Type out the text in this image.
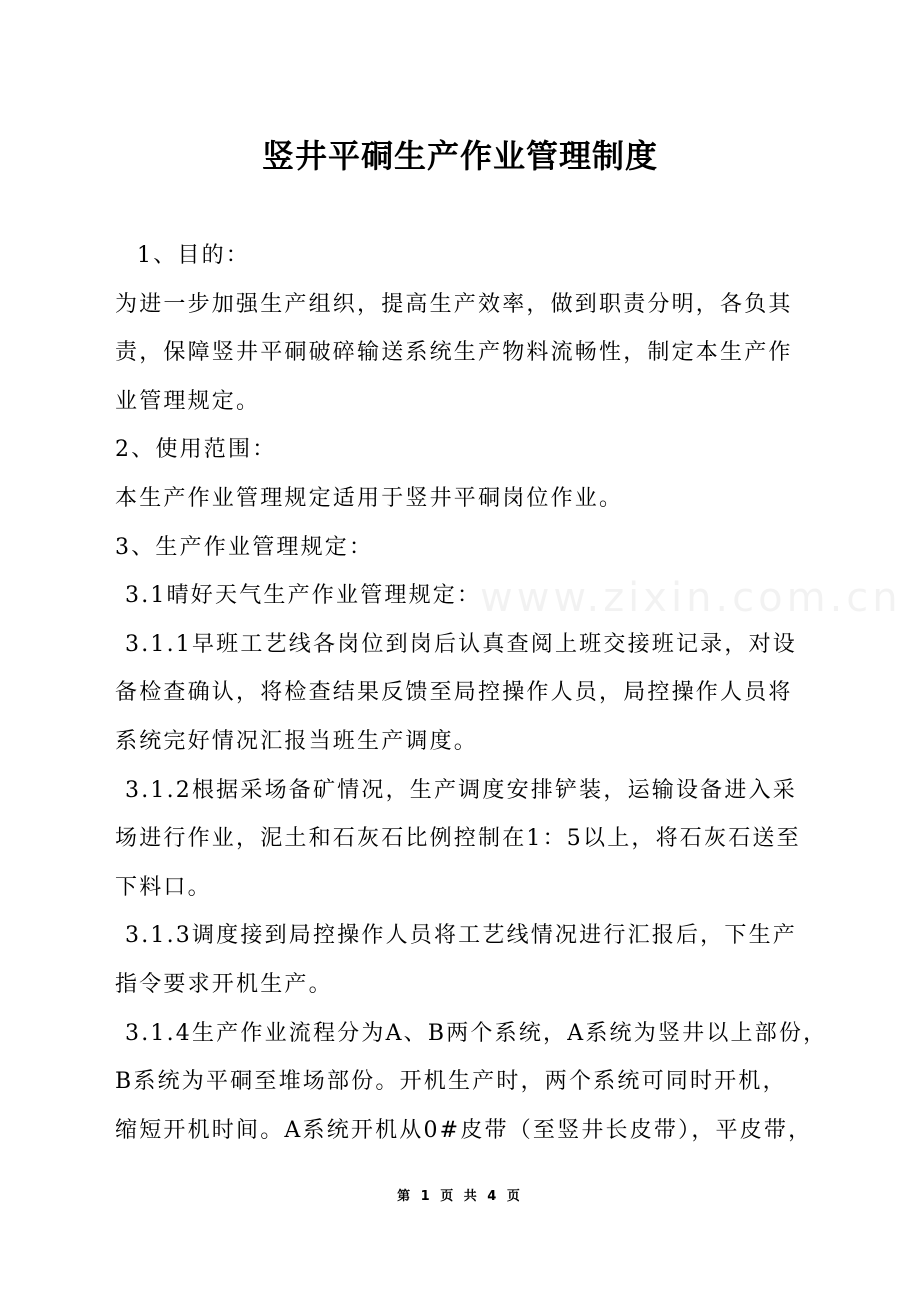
竖井平硐生产作业管理制度
www.zixin.com.cn

1、目的：

为进一步加强生产组织，提高生产效率，做到职责分明，各负其

责，保障竖井平硐破碎输送系统生产物料流畅性，制定本生产作

业管理规定。

2、使用范围：

本生产作业管理规定适用于竖井平硐岗位作业。

3、生产作业管理规定：

3.1晴好天气生产作业管理规定：

3.1.1早班工艺线各岗位到岗后认真查阅上班交接班记录，对设

备检查确认，将检查结果反馈至局控操作人员，局控操作人员将

系统完好情况汇报当班生产调度。

3.1.2根据采场备矿情况，生产调度安排铲装，运输设备进入采

场进行作业，泥土和石灰石比例控制在1：5以上，将石灰石送至

下料口。

3.1.3调度接到局控操作人员将工艺线情况进行汇报后，下生产

指令要求开机生产。

3.1.4生产作业流程分为A、B两个系统，A系统为竖井以上部份，

B系统为平硐至堆场部份。开机生产时，两个系统可同时开机，

缩短开机时间。A系统开机从0#皮带（至竖井长皮带），平皮带，

第 1 页 共 4 页
